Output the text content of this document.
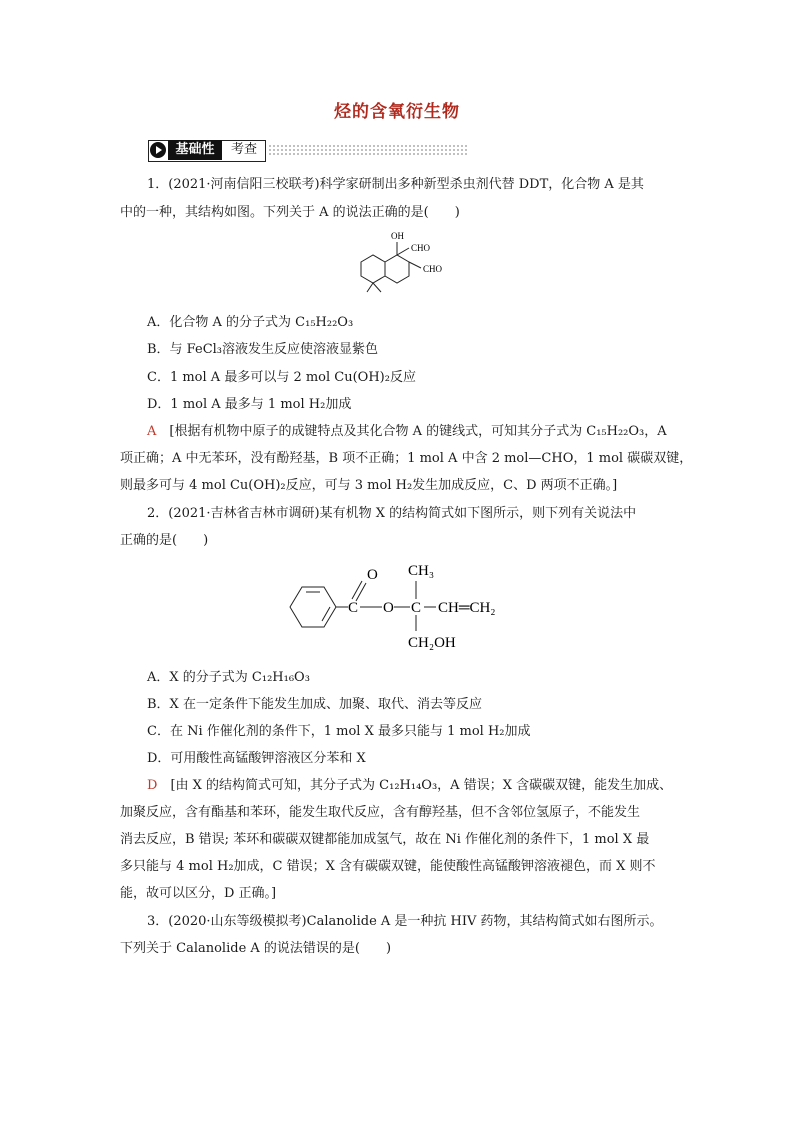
烃的含氧衍生物
基础性	考查
1．(2021·河南信阳三校联考)科学家研制出多种新型杀虫剂代替 DDT，化合物 A 是其
中的一种，其结构如图。下列关于 A 的说法正确的是(　　)
OH
CHO
CHO
A．化合物 A 的分子式为 C₁₅H₂₂O₃
B．与 FeCl₃溶液发生反应使溶液显紫色
C．1 mol A 最多可以与 2 mol Cu(OH)₂反应
D．1 mol A 最多与 1 mol H₂加成
A　 [根据有机物中原子的成键特点及其化合物 A 的键线式，可知其分子式为 C₁₅H₂₂O₃，A
项正确；A 中无苯环，没有酚羟基，B 项不正确；1 mol A 中含 2 mol—CHO，1 mol 碳碳双键，
则最多可与 4 mol Cu(OH)₂反应，可与 3 mol H₂发生加成反应，C、D 两项不正确。]
2．(2021·吉林省吉林市调研)某有机物 X 的结构简式如下图所示，则下列有关说法中
正确的是(　　)
O
C O C
CH₃
CH═CH₂
CH₂OH
A．X 的分子式为 C₁₂H₁₆O₃
B．X 在一定条件下能发生加成、加聚、取代、消去等反应
C．在 Ni 作催化剂的条件下，1 mol X 最多只能与 1 mol H₂加成
D．可用酸性高锰酸钾溶液区分苯和 X
D　 [由 X 的结构简式可知，其分子式为 C₁₂H₁₄O₃，A 错误；X 含碳碳双键，能发生加成、
加聚反应，含有酯基和苯环，能发生取代反应，含有醇羟基，但不含邻位氢原子，不能发生
消去反应，B 错误; 苯环和碳碳双键都能加成氢气，故在 Ni 作催化剂的条件下，1 mol X 最
多只能与 4 mol H₂加成，C 错误；X 含有碳碳双键，能使酸性高锰酸钾溶液褪色，而 X 则不
能，故可以区分，D 正确。]
3．(2020·山东等级模拟考)Calanolide A 是一种抗 HIV 药物，其结构简式如右图所示。
下列关于 Calanolide A 的说法错误的是(　　)
